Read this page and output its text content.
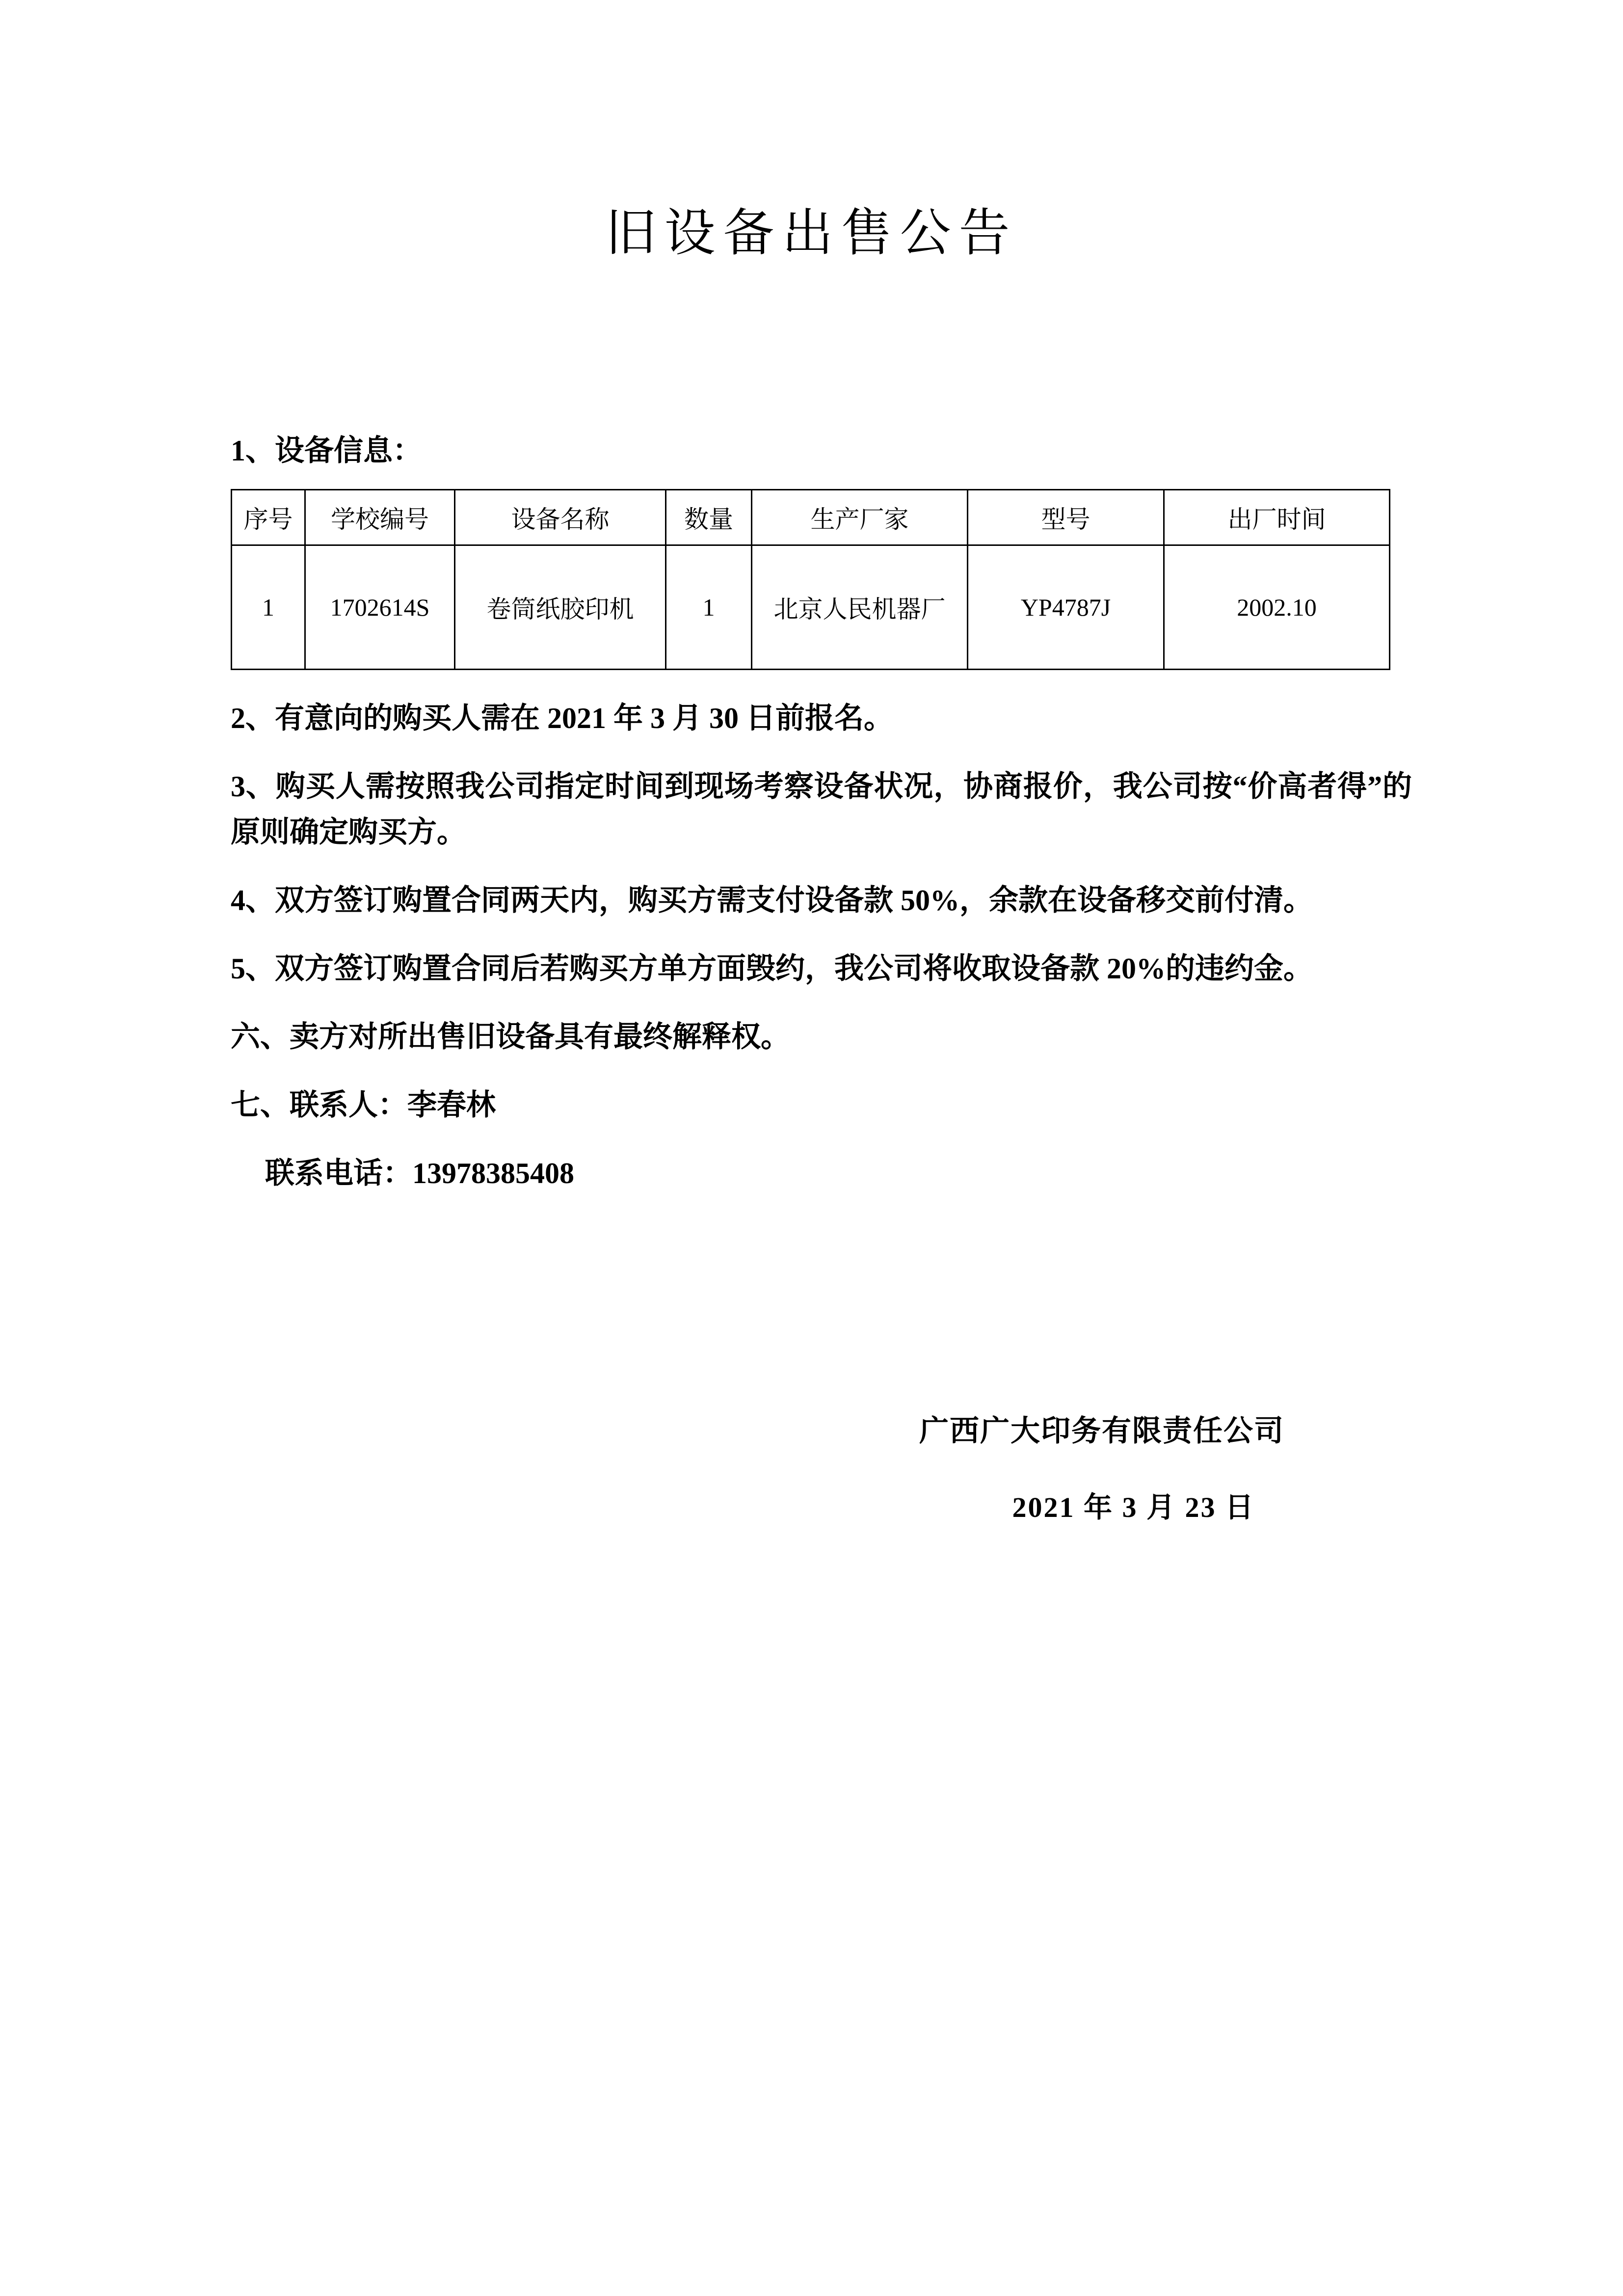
旧设备出售公告

1、设备信息：

序号	学校编号	设备名称	数量	生产厂家	型号	出厂时间
1	1702614S	卷筒纸胶印机	1	北京人民机器厂	YP4787J	2002.10

2、有意向的购买人需在 2021 年 3 月 30 日前报名。

3、购买人需按照我公司指定时间到现场考察设备状况，协商报价，我公司按“价高者得”的原则确定购买方。

4、双方签订购置合同两天内，购买方需支付设备款 50%，余款在设备移交前付清。

5、双方签订购置合同后若购买方单方面毁约，我公司将收取设备款 20%的违约金。

六、卖方对所出售旧设备具有最终解释权。

七、联系人：李春林

联系电话：13978385408

广西广大印务有限责任公司

2021 年 3 月 23 日
